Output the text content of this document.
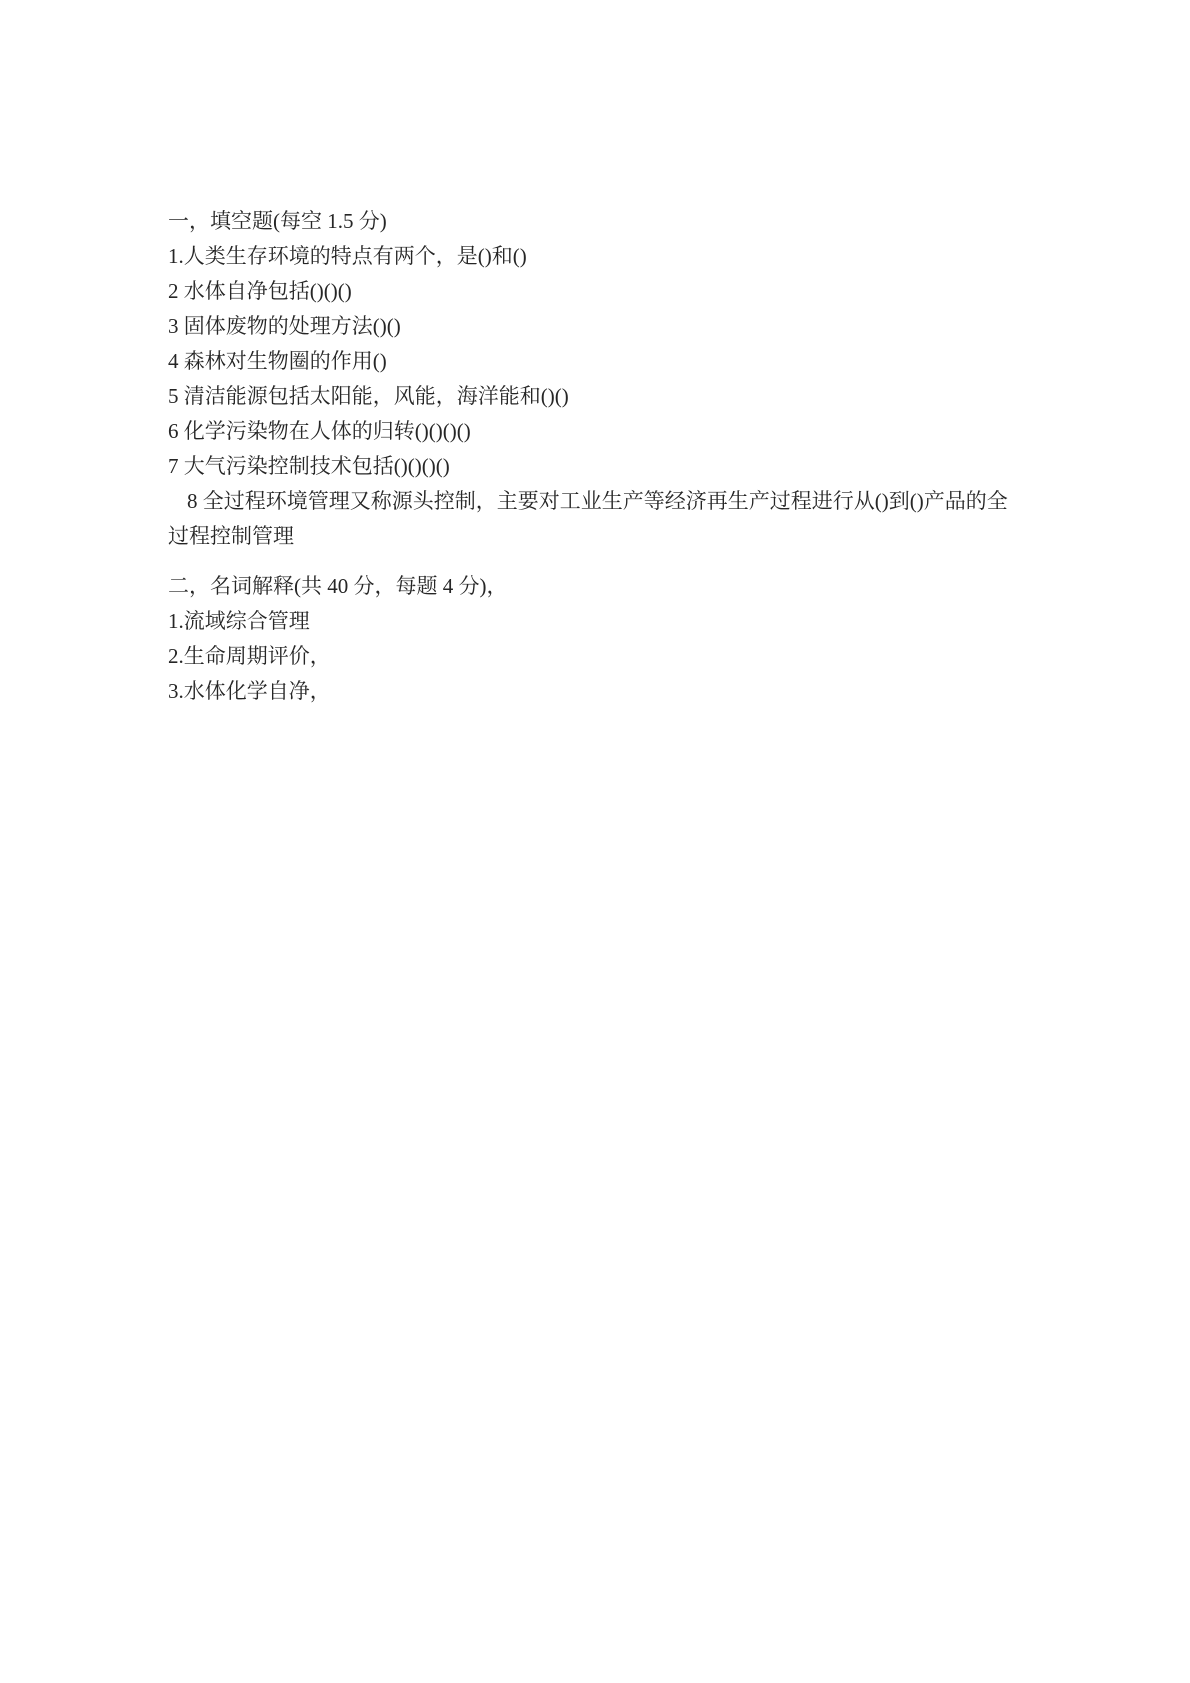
一，填空题(每空 1.5 分)

1.人类生存环境的特点有两个，是()和()

2 水体自净包括()()()

3 固体废物的处理方法()()

4 森林对生物圈的作用()

5 清洁能源包括太阳能，风能，海洋能和()()

6 化学污染物在人体的归转()()()()

7 大气污染控制技术包括()()()()

8 全过程环境管理又称源头控制，主要对工业生产等经济再生产过程进行从()到()产品的全过程控制管理

二，名词解释(共 40 分，每题 4 分)，

1.流域综合管理

2.生命周期评价，

3.水体化学自净，
